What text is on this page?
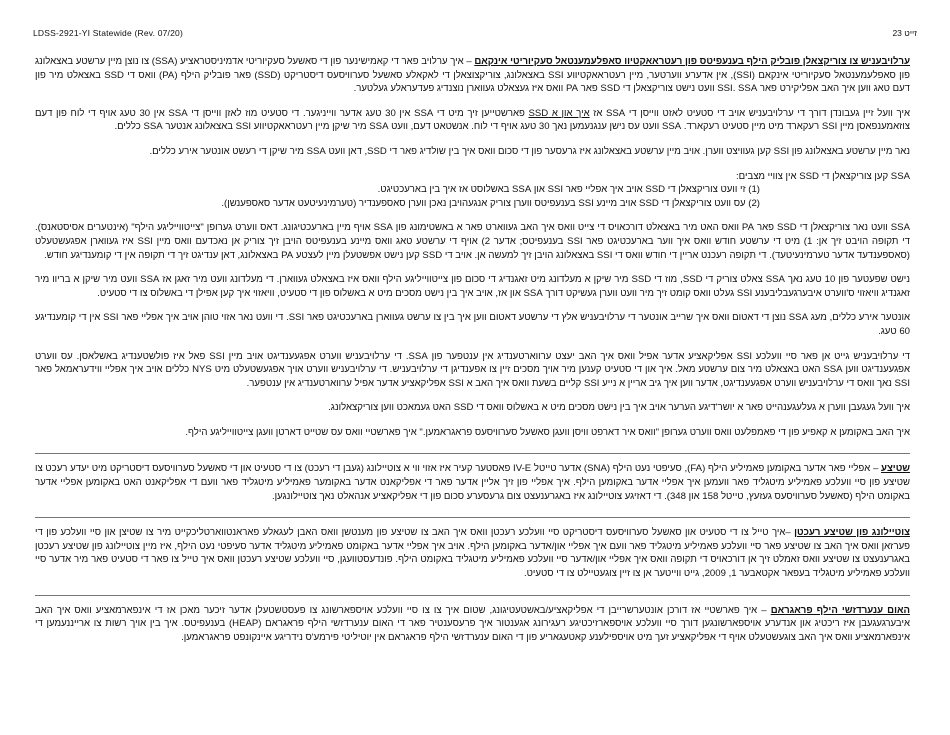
LDSS-2921-YI Statewide (Rev. 07/20)	זייט 23

ערלויבעניש צו צוריקצאלן פובליק הילף בענעפיטס פון רעטראאקטיוו סאפלעמענטאל סעקיוריטי אינקאם – איך ערלויב פאר די קאמישינער פון די סאשעל סעקיוריטי אדמיניסטראציע (SSA) צו נוצן מיין ערשטע באצאלונג פון סאפלעמענטאל סעקיוריטי אינקאם (SSI), אין אדערע ווערטער, מיין רעטראאקטיווע SSI באצאלונג, צוריקצוצאלן די לאקאלע סאשעל סערוויסעס דיסטריקט (SSD) פאר פובליק הילף (PA) וואס די SSD באצאלט מיר פון דעם טאג ווען איך האב אפליקירט פאר SSI. SSA וועט נישט צוריקצאלן די SSD פאר PA וואס איז געצאלט געווארן נוצנדיג פעדעראלע געלטער.

איך וועל זיין געבונדן דורך די ערלויבעניש אויב די סטעיט לאזט ווייסן די SSA אז איך און א SSD פארשטייען זיך מיט די SSA אין 30 טעג אדער ווייניגער. די סטעיט מוז לאזן ווייסן די SSA אין 30 טעג אויף די לוח פון דעם צוזאמענפאסן מיין SSI רעקארד מיט מיין סטעיט רעקארד. SSA וועט עס נישן ענגנעמען נאך 30 טעג אויף די לוח. אנשטאט דעם, וועט SSA מיר שיקן מיין רעטראאקטיווע SSI באצאלונג אנטער SSA כללים.

נאר מיין ערשטע באצאלונג פון SSI קען געוויצט ווערן. אויב מיין ערשטע באצאלונג איז גרעסער פון די סכום וואס איך בין שולדיג פאר די SSD, דאן וועט SSA מיר שיקן די רעשט אונטער אירע כללים.

SSA קען צוריקצאלן די SSD אין צוויי מצבים:
(1) זי וועט צוריקצאלן די SSD אויב איך אפליי פאר SSI און SSA באשלוסט אז איך בין בארעכטיגט.
(2) עס וועט צוריקצאלן די SSD אויב מיינע SSI בענעפיטס ווערן צוריק אנגעהויבן נאכן ווערן סאספענדיר (טערמינעיטעט אדער סאספענשן).

SSA וועט נאר צוריקצאלן די SSD פאר PA וואס האט מיר באצאלט דורכאויס די צייט וואס איך האב געווארט פאר א באשטימונג פון SSA אויף מיין בארעכטיגונג. דאס ווערט גערופן "צייטווייליגע הילף" (אינטערים אסיסטאנס). די תקופה הויבט זיך אן: 1) מיט די ערשטע חודש וואס איך ווער בארעכטיגט פאר SSI בענעפיטס; אדער 2) אויף די ערשטע טאג וואס מיינע בענעפיטס הויבן זיך צוריק אן נאכדעם וואס מיין SSI איז געווארן אפגעשטעלט (סאספענדעד אדער טערמינעיטעד). די תקופה רעכנט אריין די חודש וואס די SSI באצאלונג הויבן זיך למעשה אן. אויב די SSD קען נישט אפשטעלן מיין לעצטע PA באצאלונג, דאן ענדיגט זיך די תקופה אין די קומענדיגע חודש.

נישט שפעטער פון 10 טעג נאך SSA צאלט צוריק די SSD, מוז די SSD מיר שיקן א מעלדונג מיט זאגנדיג די סכום פון צייטווייליגע הילף וואס איז באצאלט געווארן. די מעלדונג וועט מיר זאגן אז SSA וועט מיר שיקן א בריוו מיר זאגנדיג וויאזוי ס'ווערט איבערגעבליבענע SSI געלט וואס קומט זיך מיר וועט ווערן געשיקט דורך SSA און אז, אויב איך בין נישט מסכים מיט א באשלוס פון די סטעיט, וויאזוי איך קען אפילן די באשלוס צו די סטעיט.

אונטער אירע כללים, מעג SSA נוצן די דאטום וואס איך שרייב אונטער די ערלויבעניש אלץ די ערשטע דאטום ווען איך בין צו ערשט געווארן בארעכטיגט פאר SSI. די וועט נאר אזוי טוהן אויב איך אפליי פאר SSI אין די קומענדיגע 60 טעג.

די ערלויבעניש גייט אן פאר סיי וועלכע SSI אפליקאציע אדער אפיל וואס איך האב יעצט ערווארטענדיג אין ענטפער פון SSA. די ערלויבעניש ווערט אפגעענדיגט אויב מיין SSI פאל איז פולשטענדיג באשלאסן. עס ווערט אפגעענדיגט ווען SSA האט באצאלט מיר צום ערשטע מאל. איך און די סטעיט קענען מיר אויך מסכים זיין צו אפענדיגן די ערלויבעניש. די ערלויבעניש ווערט אויך אפגעשטעלט מיט NYS כללים אויב איך אפליי ווידעראמאל פאר SSI נאך וואס די ערלויבעניש ווערט אפגעענדיגט, אדער ווען איך גיב אריין א נייע SSI קליים בשעת וואס איך האב א SSI אפליקאציע אדער אפיל ערווארטענדיג אין ענטפער.

איך וועל געגעבן ווערן א געלעגענהייט פאר א יושר'דיגע הערער אויב איך בין נישט מסכים מיט א באשלוס וואס די SSD האט געמאכט ווען צוריקצאלונג.

איך האב באקומען א קאפיע פון די פאמפלעט וואס ווערט גערופן "וואס איר דארפט וויסן וועגן סאשעל סערוויסעס פראגראמען." איך פארשטיי וואס עס שטייט דארטן וועגן צייטווייליגע הילף.

שטיצע – אפליי פאר אדער באקומען פאמיליע הילף (FA), סעיפטי נעט הילף (SNA) אדער טייטל IV-E פאסטער קעיר איז אזוי ווי א צוטיילונג (געבן די רעכט) צו די סטעיט און די סאשעל סערוויסעס דיסטריקט מיט יעדע רעכט צו שטיצע פון סיי וועלכע פאמיליע מיטגליד פאר וועמען איך אפליי אדער באקומען הילף. איך אפליי פון זיך אליין אדער פאר די אפליקאנט אדער באקומער פאמיליע מיטגליד פאר וועם די אפליקאנט האט באקומען אפליי אדער באקומט הילף (סאשעל סערוויסעס געזעץ, טייטל 158 און 348). די דאזיגע צוטיילונג איז באגרענעצט צום גרעסערע סכום פון די אפליקאציע אנהאלט נאך צוטיילונגען.

צוטיילונג פון שטיצע רעכטן –איך טייל צו די סטעיט און סאשעל סערוויסעס דיסטריקט סיי וועלכע רעכטן וואס איך האב צו שטיצע פון מענטשן וואס האבן לעגאלע פאראנטווארטליכקייט מיר צו שטיצן און סיי וועלכע פון די פערזאן וואס איך האב צו שטיצע פאר סיי וועלכע פאמיליע מיטגליד פאר וועם איך אפליי און/אדער באקומען הילף. אויב איך אפליי אדער באקומט פאמיליע מיטגליד אדער סעיפטי נעט הילף, איז מיין צוטיילונג פון שטיצע רעכטן באגרענעצט צו שטיצע וואס זאמלט זיך אן דורכאויס די תקופה וואס איך אפליי און/אדער סיי וועלכע פאמיליע מיטגליד באקומט הילף. פונדעסטוועגן, סיי וועלכע שטיצע רעכטן וואס איך טייל צו פאר די סטעיט פאר מיר אדער סיי וועלכע פאמיליע מיטגליד בעפאר אקטאבער 1, 2009, גייט ווייטער אן צו זיין צוגעטיילט צו די סטעיט.

האום ענערדזשי הילף פראגראם – איך פארשטיי אז דורכן אונטערשרייבן די אפליקאציע/באשטעטיגונג, שטום איך צו צו סיי וועלכע אויספארשונג צו פעסטשטעלן אדער זיכער מאכן אז די אינפארמאציע וואס איך האב איבערגעגעבן איז ריכטיג און אנדערע אויספארשונגען דורך סיי וועלכע אויספארזיכטיגע רעגירונג אגענטור איך פרעסענטיר פאר די האום ענערדזשי הילף פראגראם (HEAP) בענעפיטס. איך בין אויך רשות צו ארייננעמען די אינפארמאציע וואס איך האב צוגעשטעלט אויף די אפליקאציע זעך מיט אויספילענע קאטעגאריע פון די האום ענערדזשי הילף פראגראם אין יוטיליטי פירמע'ס נידריגע איינקונפט פראגראמען.
